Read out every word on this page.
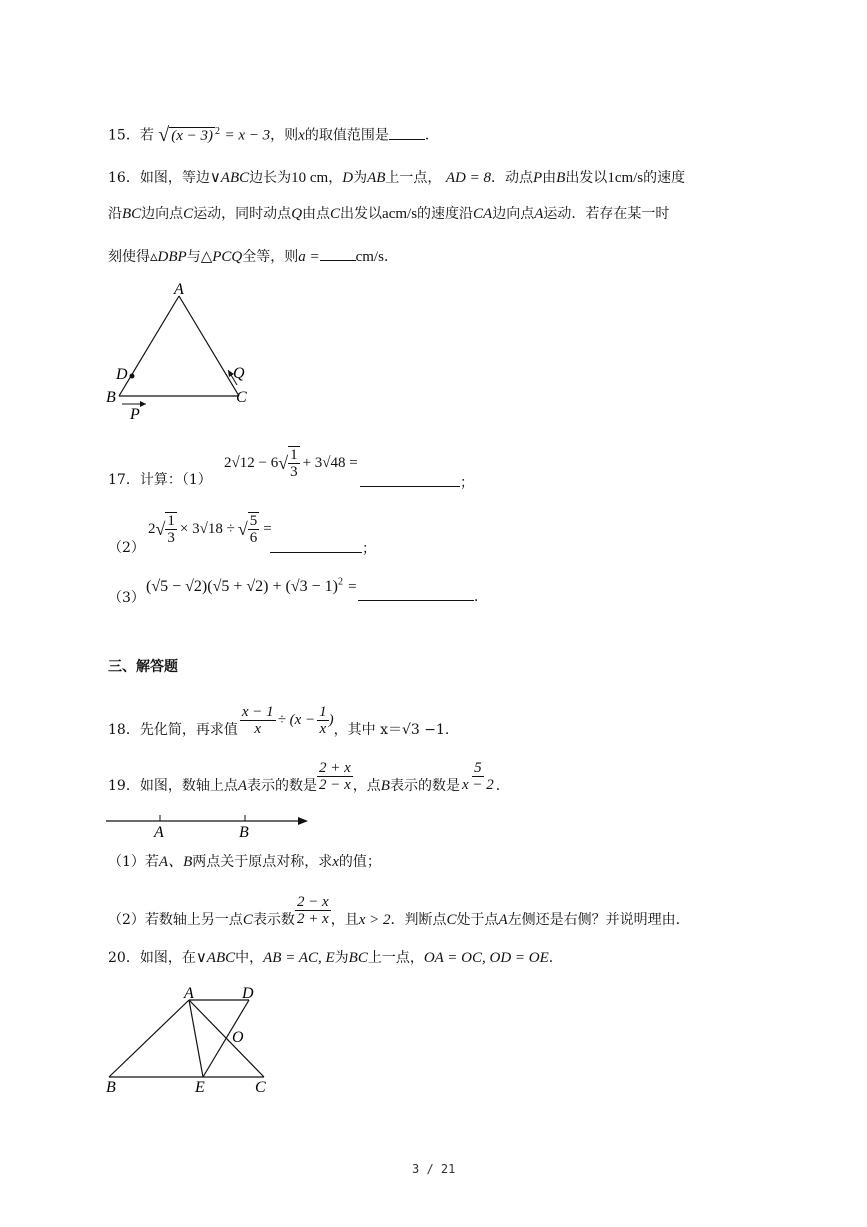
15．若 √ (x − 3) $^2$ = x − 3，则x的取值范围是	．
16．如图，等边∨ABC边长为10 cm，D为AB上一点， AD = 8．动点P由B出发以1cm/s的速度
沿BC边向点C运动，同时动点Q由点C出发以acm/s的速度沿CA边向点A运动．若存在某一时
刻使得▵DBP与△PCQ全等，则a = cm/s．
A
B	C
D
P
Q
17．计算：（1）
2√12 − 6 √ $\frac{1}{3} + 3√48$ =
；
（2）
2 √ $\frac{1}{3} \times 3√18$ ÷ √ $\frac{5}{6}$ =
；
（3）
$(√5 - √2)(√5 + √2) + (√3 - 1)^2$ =
．
三、解答题
18．先化简，再求值 $\frac{x - 1}{x} \div (x - \frac{1}{x}$ )
，其中 x＝√3 −1.
19．如图，数轴上点 A 表示的数是 $\frac{2 + x}{2 - x}$ ，点 B 表示的数是 $\frac{5}{x - 2}$ ．
A	B
（1）若A、B两点关于原点对称，求x的值；
（2）若数轴上另一点 C 表示数 $\frac{2 - x}{2 + x}$ ，且 x > 2 ．判断点 C 处于点 A 左侧还是右侧？并说明理由.
20．如图，在∨ABC中，AB = AC, E为BC上一点，OA = OC, OD = OE．
A	D
O
B	E	C
3 / 21
